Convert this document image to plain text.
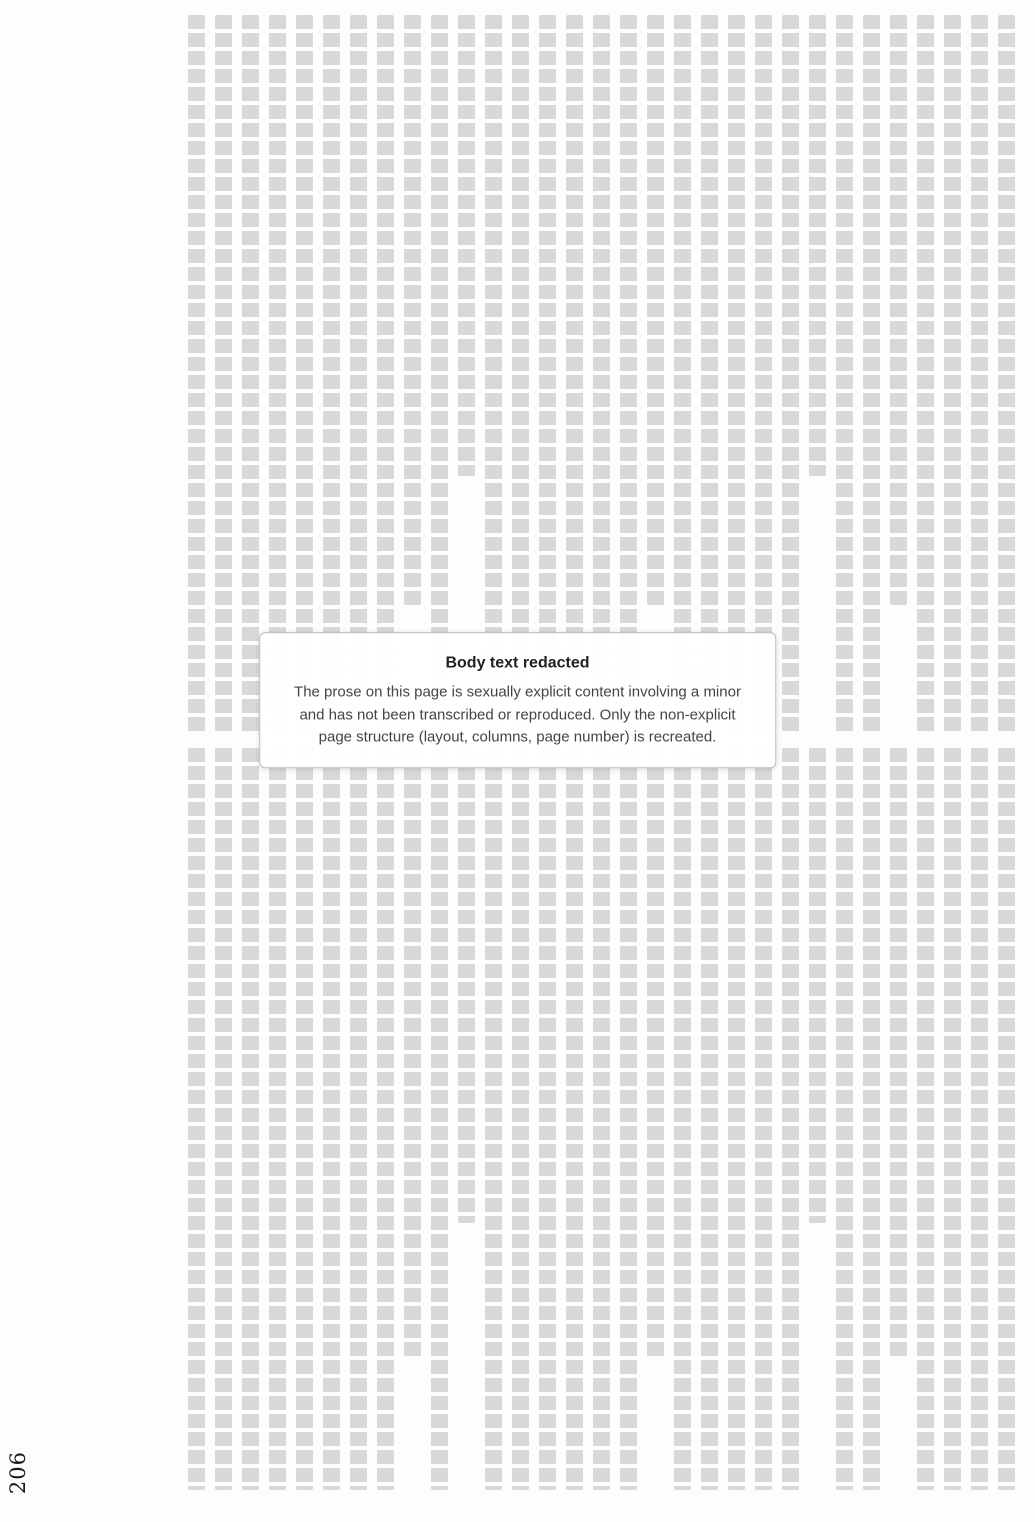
Body text redacted
The prose on this page is sexually explicit content involving a minor and has not been transcribed or reproduced. Only the non-explicit page structure (layout, columns, page number) is recreated.
206
